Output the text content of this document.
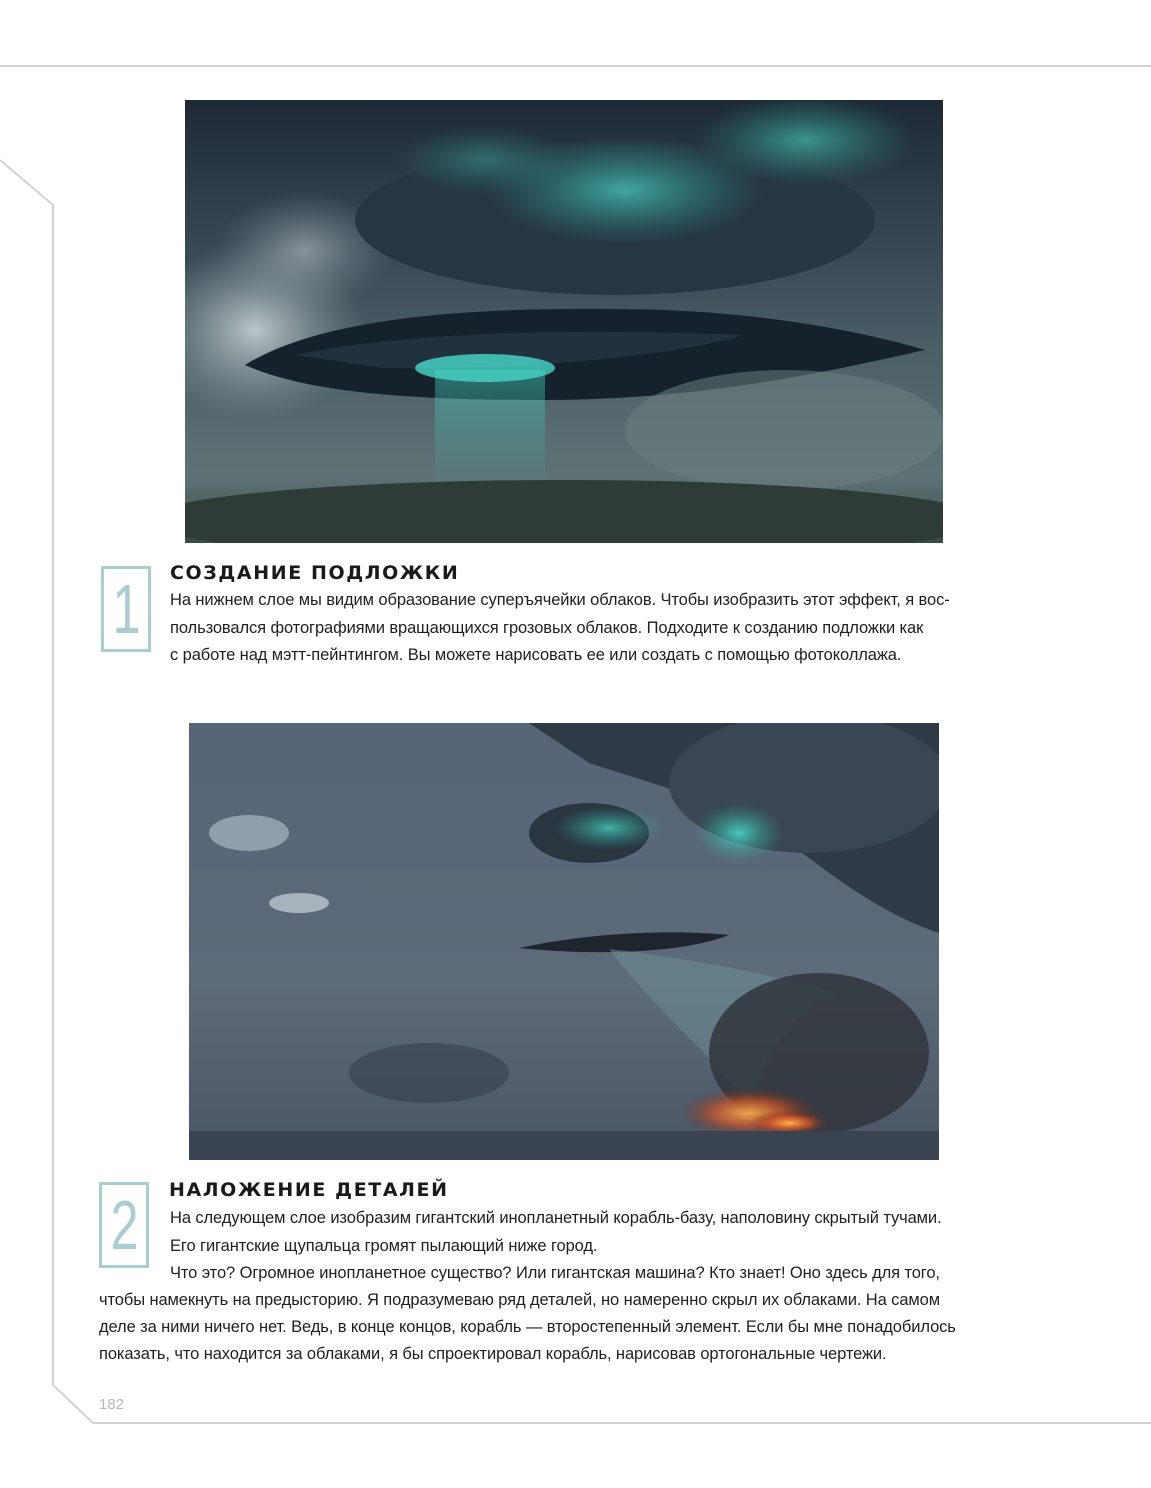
1 СОЗДАНИЕ ПОДЛОЖКИ

На нижнем слое мы видим образование суперъячейки облаков. Чтобы изобразить этот эффект, я вос-

пользовался фотографиями вращающихся грозовых облаков. Подходите к созданию подложки как

с работе над мэтт-пейнтингом. Вы можете нарисовать ее или создать с помощью фотоколлажа.

2 НАЛОЖЕНИЕ ДЕТАЛЕЙ

На следующем слое изобразим гигантский инопланетный корабль-базу, наполовину скрытый тучами.

Его гигантские щупальца громят пылающий ниже город.

Что это? Огромное инопланетное существо? Или гигантская машина? Кто знает! Оно здесь для того,

чтобы намекнуть на предысторию. Я подразумеваю ряд деталей, но намеренно скрыл их облаками. На самом

деле за ними ничего нет. Ведь, в конце концов, корабль — второстепенный элемент. Если бы мне понадобилось

показать, что находится за облаками, я бы спроектировал корабль, нарисовав ортогональные чертежи.

182
